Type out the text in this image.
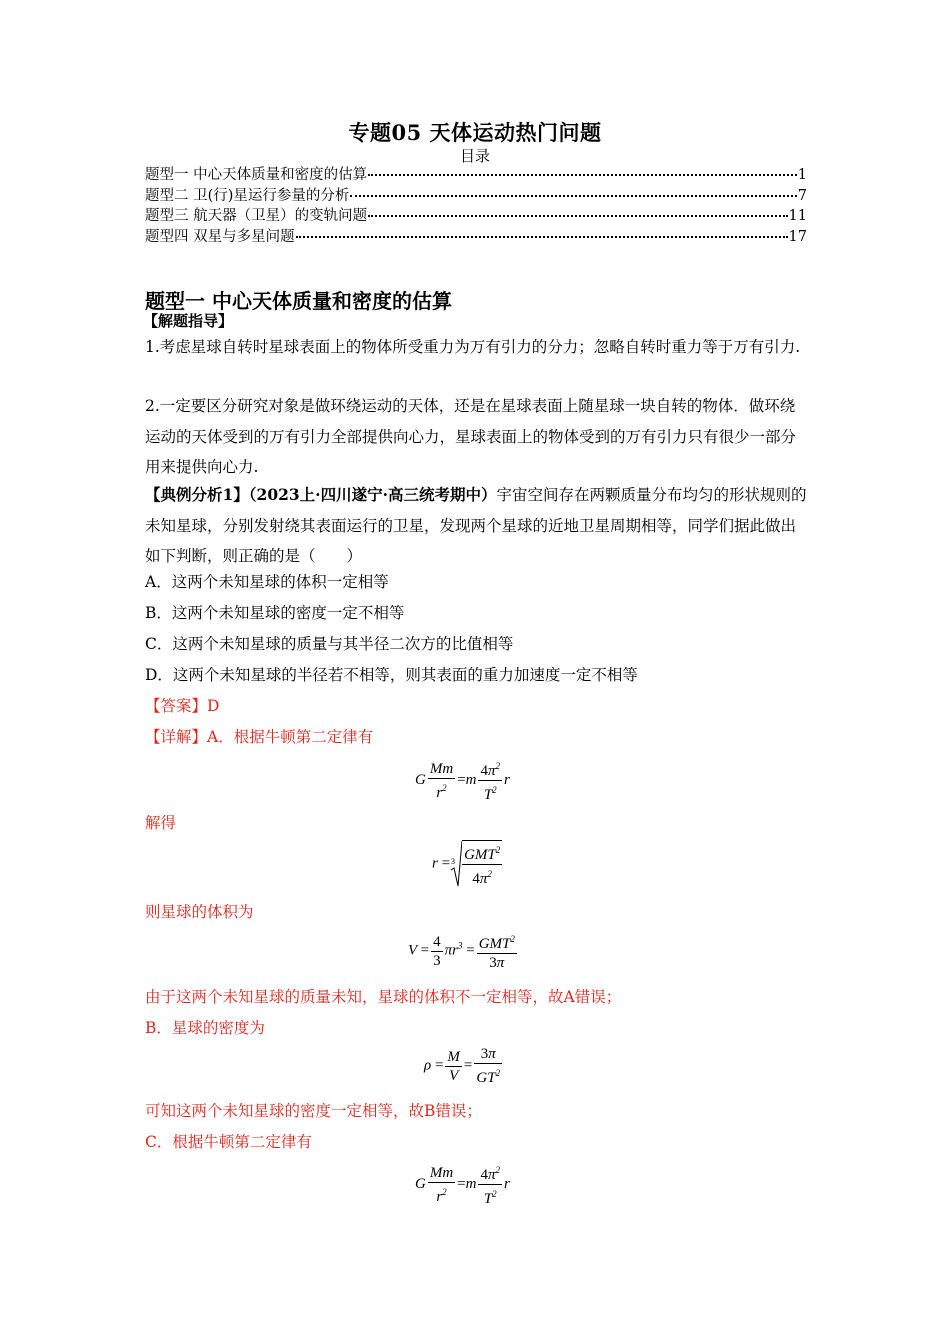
专题05 天体运动热门问题
目录
题型一 中心天体质量和密度的估算	1
题型二 卫(行)星运行参量的分析	7
题型三 航天器（卫星）的变轨问题	11
题型四 双星与多星问题	17
题型一 中心天体质量和密度的估算
【解题指导】
1.考虑星球自转时星球表面上的物体所受重力为万有引力的分力；忽略自转时重力等于万有引力.
2.一定要区分研究对象是做环绕运动的天体，还是在星球表面上随星球一块自转的物体．做环绕运动的天体受到的万有引力全部提供向心力，星球表面上的物体受到的万有引力只有很少一部分用来提供向心力.
【典例分析1】（2023上·四川遂宁·高三统考期中）宇宙空间存在两颗质量分布均匀的形状规则的未知星球，分别发射绕其表面运行的卫星，发现两个星球的近地卫星周期相等，同学们据此做出如下判断，则正确的是（　　）
A．这两个未知星球的体积一定相等
B．这两个未知星球的密度一定不相等
C．这两个未知星球的质量与其半径二次方的比值相等
D．这两个未知星球的半径若不相等，则其表面的重力加速度一定不相等
【答案】D
【详解】A．根据牛顿第二定律有
G $\frac{Mm}{r^2} =m \frac{4\pi^2}{T^2}$ r
解得
$r = 3 \frac{GMT^2}{4\pi^2}$
则星球的体积为
$V = \frac{4}{3} \pi r^3 = \frac{GMT^2}{3\pi}$
由于这两个未知星球的质量未知，星球的体积不一定相等，故A错误；
B．星球的密度为
$\rho = \frac{M}{V} = \frac{3\pi}{GT^2}$
可知这两个未知星球的密度一定相等，故B错误；
C．根据牛顿第二定律有
G $\frac{Mm}{r^2} =m \frac{4\pi^2}{T^2}$ r
